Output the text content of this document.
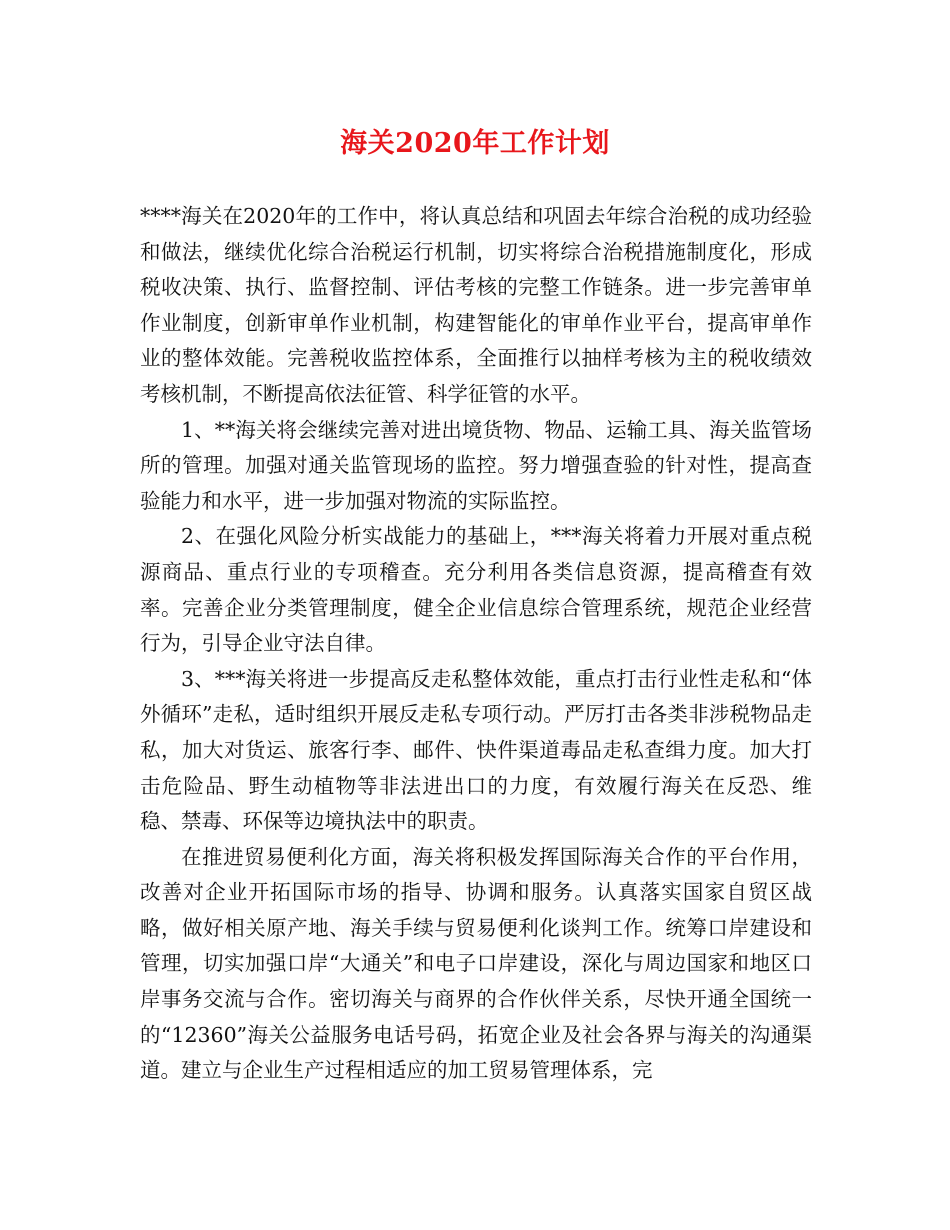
海关2020年工作计划

****海关在2020年的工作中，将认真总结和巩固去年综合治税的成功经验和做法，继续优化综合治税运行机制，切实将综合治税措施制度化，形成税收决策、执行、监督控制、评估考核的完整工作链条。进一步完善审单作业制度，创新审单作业机制，构建智能化的审单作业平台，提高审单作业的整体效能。完善税收监控体系，全面推行以抽样考核为主的税收绩效考核机制，不断提高依法征管、科学征管的水平。

1、**海关将会继续完善对进出境货物、物品、运输工具、海关监管场所的管理。加强对通关监管现场的监控。努力增强查验的针对性，提高查验能力和水平，进一步加强对物流的实际监控。

2、在强化风险分析实战能力的基础上，***海关将着力开展对重点税源商品、重点行业的专项稽查。充分利用各类信息资源，提高稽查有效率。完善企业分类管理制度，健全企业信息综合管理系统，规范企业经营行为，引导企业守法自律。

3、***海关将进一步提高反走私整体效能，重点打击行业性走私和“体外循环”走私，适时组织开展反走私专项行动。严厉打击各类非涉税物品走私，加大对货运、旅客行李、邮件、快件渠道毒品走私查缉力度。加大打击危险品、野生动植物等非法进出口的力度，有效履行海关在反恐、维稳、禁毒、环保等边境执法中的职责。

在推进贸易便利化方面，海关将积极发挥国际海关合作的平台作用，改善对企业开拓国际市场的指导、协调和服务。认真落实国家自贸区战略，做好相关原产地、海关手续与贸易便利化谈判工作。统筹口岸建设和管理，切实加强口岸“大通关”和电子口岸建设，深化与周边国家和地区口岸事务交流与合作。密切海关与商界的合作伙伴关系，尽快开通全国统一的“12360”海关公益服务电话号码，拓宽企业及社会各界与海关的沟通渠道。建立与企业生产过程相适应的加工贸易管理体系，完
